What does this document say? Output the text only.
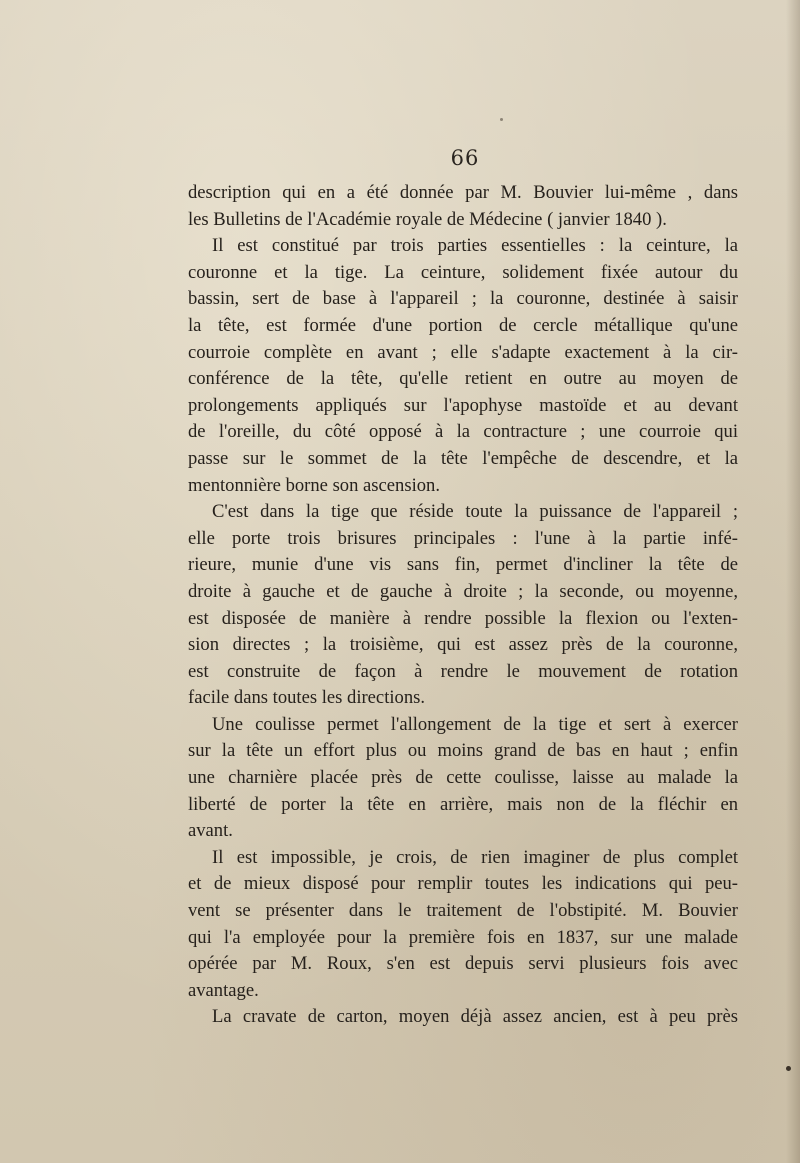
66
description qui en a été donnée par M. Bouvier lui-même , dans
les Bulletins de l'Académie royale de Médecine ( janvier 1840 ).
Il est constitué par trois parties essentielles : la ceinture, la
couronne et la tige. La ceinture, solidement fixée autour du
bassin, sert de base à l'appareil ; la couronne, destinée à saisir
la tête, est formée d'une portion de cercle métallique qu'une
courroie complète en avant ; elle s'adapte exactement à la cir-
conférence de la tête, qu'elle retient en outre au moyen de
prolongements appliqués sur l'apophyse mastoïde et au devant
de l'oreille, du côté opposé à la contracture ; une courroie qui
passe sur le sommet de la tête l'empêche de descendre, et la
mentonnière borne son ascension.
C'est dans la tige que réside toute la puissance de l'appareil ;
elle porte trois brisures principales : l'une à la partie infé-
rieure, munie d'une vis sans fin, permet d'incliner la tête de
droite à gauche et de gauche à droite ; la seconde, ou moyenne,
est disposée de manière à rendre possible la flexion ou l'exten-
sion directes ; la troisième, qui est assez près de la couronne,
est construite de façon à rendre le mouvement de rotation
facile dans toutes les directions.
Une coulisse permet l'allongement de la tige et sert à exercer
sur la tête un effort plus ou moins grand de bas en haut ; enfin
une charnière placée près de cette coulisse, laisse au malade la
liberté de porter la tête en arrière, mais non de la fléchir en
avant.
Il est impossible, je crois, de rien imaginer de plus complet
et de mieux disposé pour remplir toutes les indications qui peu-
vent se présenter dans le traitement de l'obstipité. M. Bouvier
qui l'a employée pour la première fois en 1837, sur une malade
opérée par M. Roux, s'en est depuis servi plusieurs fois avec
avantage.
La cravate de carton, moyen déjà assez ancien, est à peu près
